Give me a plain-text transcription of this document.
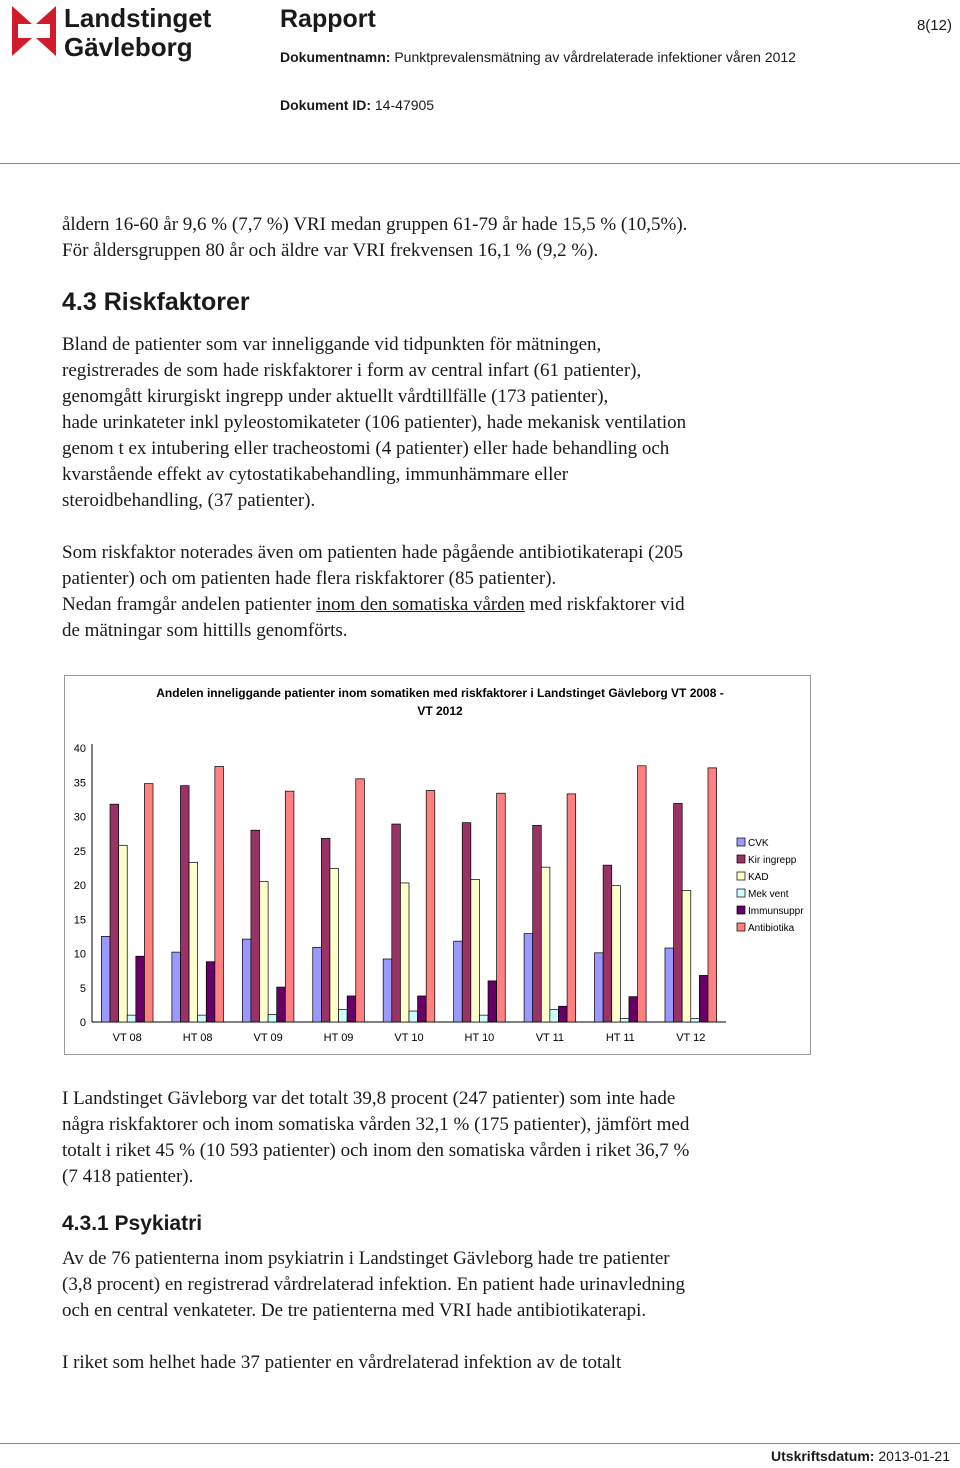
Landstinget
Gävleborg
Rapport	8(12)
Dokumentnamn: Punktprevalensmätning av vårdrelaterade infektioner våren 2012
Dokument ID: 14-47905

åldern 16-60 år 9,6 % (7,7 %) VRI medan gruppen 61-79 år hade 15,5 % (10,5%).

För åldersgruppen 80 år och äldre var VRI frekvensen 16,1 % (9,2 %).

4.3 Riskfaktorer

Bland de patienter som var inneliggande vid tidpunkten för mätningen,

registrerades de som hade riskfaktorer i form av central infart (61 patienter),

genomgått kirurgiskt ingrepp under aktuellt vårdtillfälle (173 patienter),

hade urinkateter inkl pyleostomikateter (106 patienter), hade mekanisk ventilation

genom t ex intubering eller tracheostomi (4 patienter) eller hade behandling och

kvarstående effekt av cytostatikabehandling, immunhämmare eller

steroidbehandling, (37 patienter).

Som riskfaktor noterades även om patienten hade pågående antibiotikaterapi (205

patienter) och om patienten hade flera riskfaktorer (85 patienter).

Nedan framgår andelen patienter inom den somatiska vården med riskfaktorer vid

de mätningar som hittills genomförts.

Andelen inneliggande patienter inom somatiken med riskfaktorer i Landstinget Gävleborg VT 2008 - VT 2012
0
5
10
15
20
25
30
35
40
VT 08	HT 08	VT 09	HT 09	VT 10	HT 10	VT 11	HT 11	VT 12
CVK
Kir ingrepp
KAD
Mek vent
Immunsuppr
Antibiotika

I Landstinget Gävleborg var det totalt 39,8 procent (247 patienter) som inte hade

några riskfaktorer och inom somatiska vården 32,1 % (175 patienter), jämfört med

totalt i riket 45 % (10 593 patienter) och inom den somatiska vården i riket 36,7 %

(7 418 patienter).

4.3.1 Psykiatri

Av de 76 patienterna inom psykiatrin i Landstinget Gävleborg hade tre patienter

(3,8 procent) en registrerad vårdrelaterad infektion. En patient hade urinavledning

och en central venkateter. De tre patienterna med VRI hade antibiotikaterapi.

I riket som helhet hade 37 patienter en vårdrelaterad infektion av de totalt

Utskriftsdatum: 2013-01-21
